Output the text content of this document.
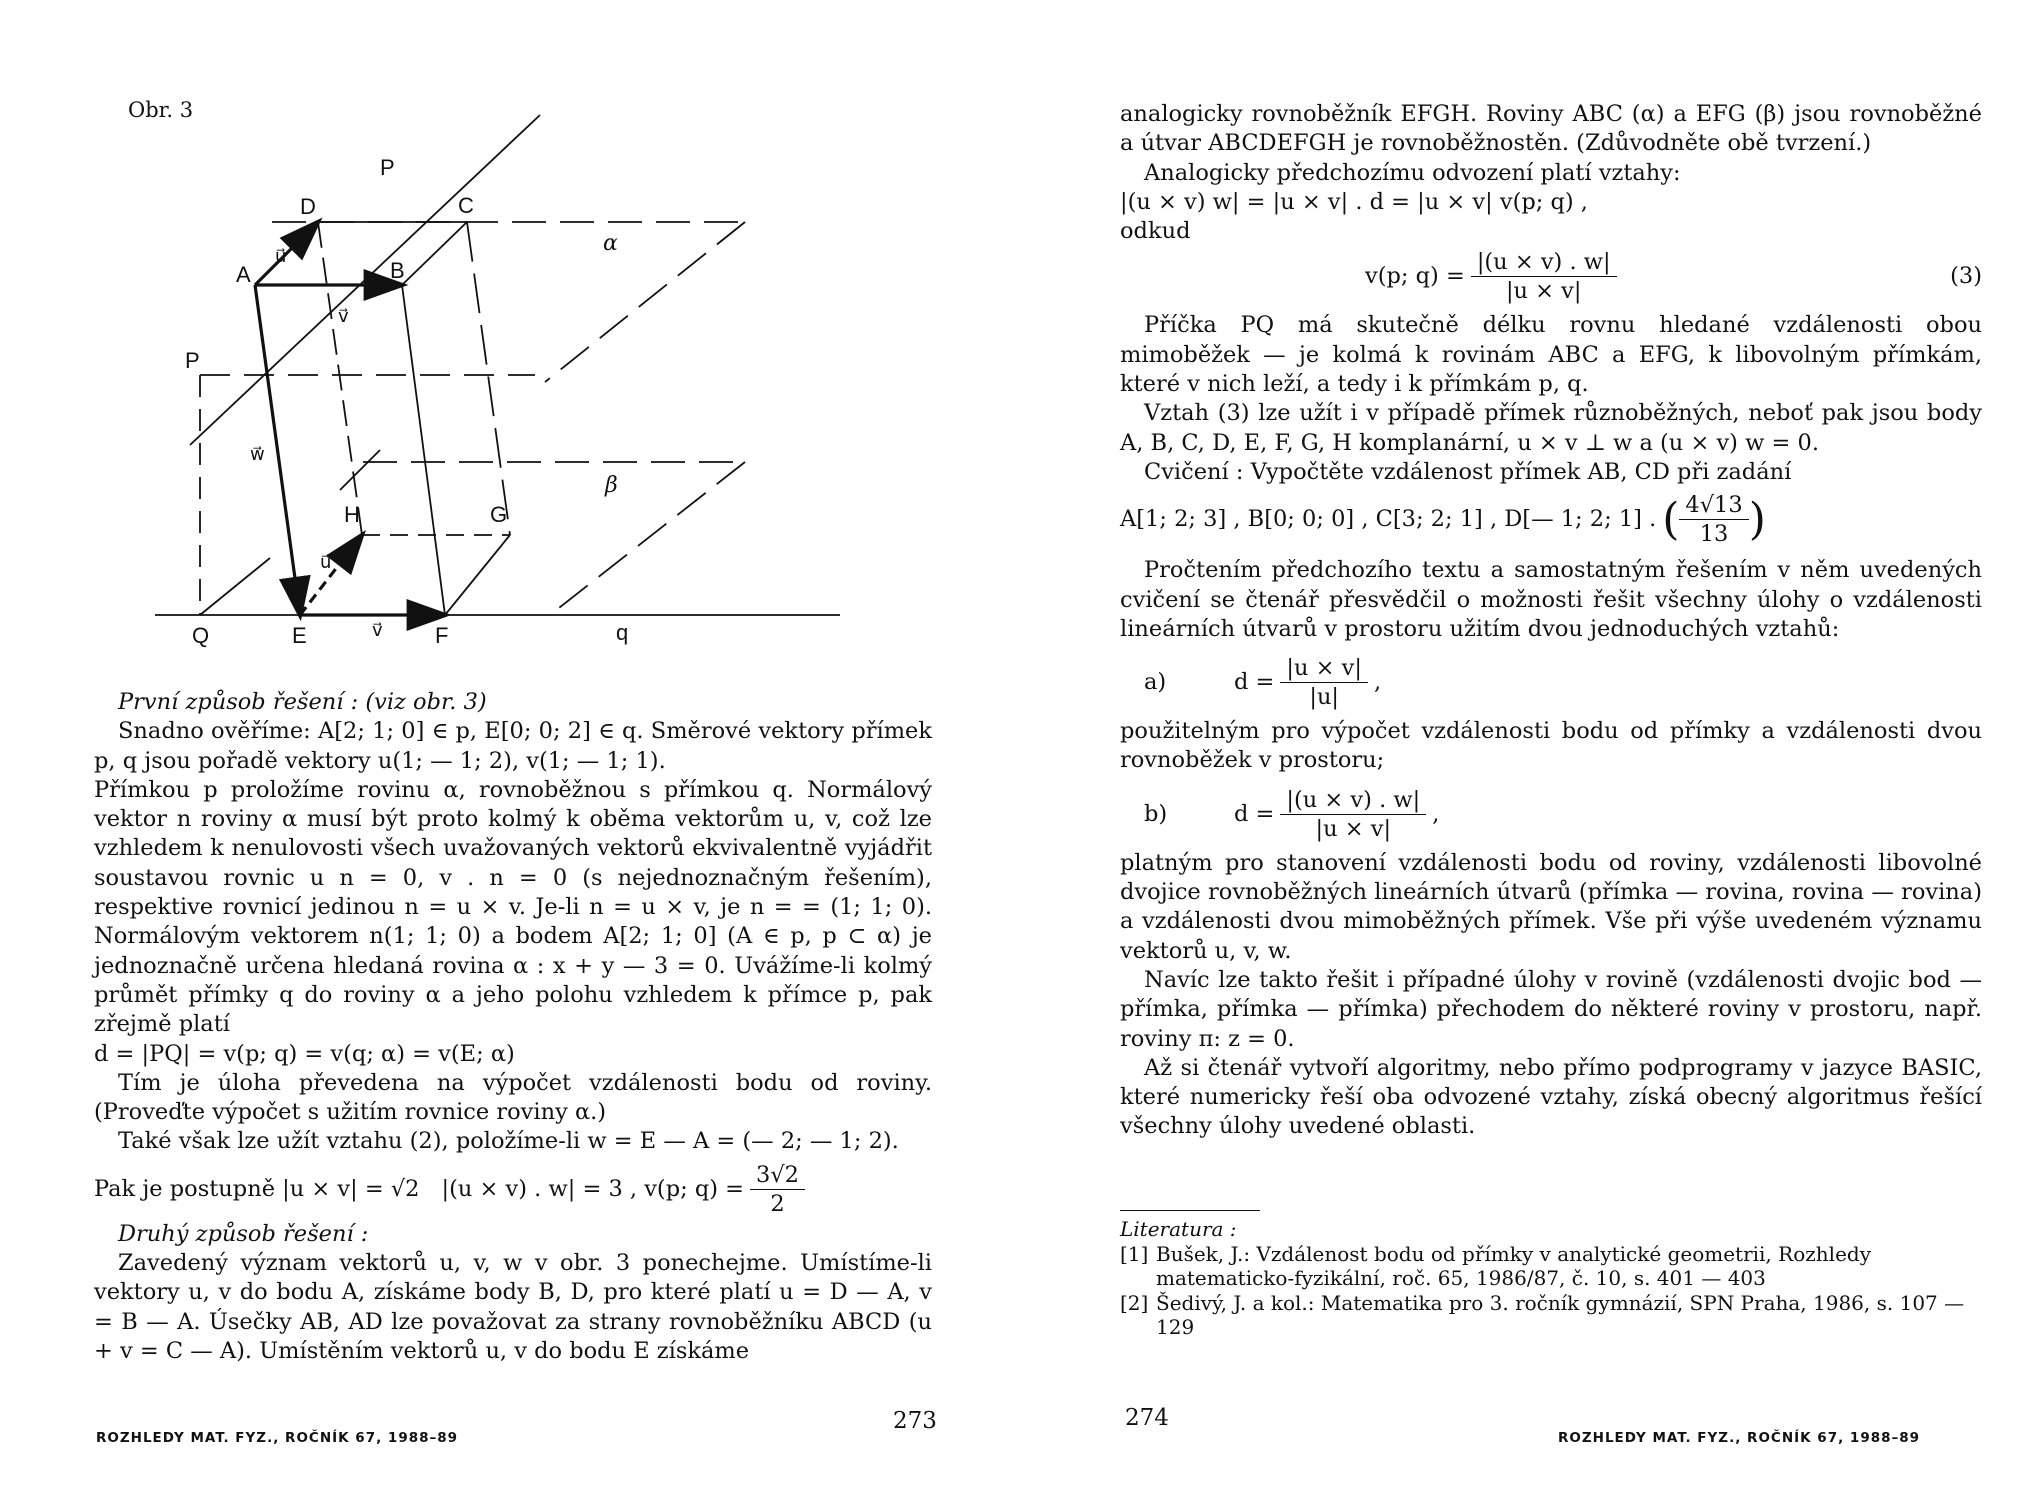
Obr. 3
P
D	C
α
A	B
P
β
H	G
Q	E	F	q
u⃗
v⃗
w⃗
u⃗
v⃗

První způsob řešení : (viz obr. 3)

Snadno ověříme: A[2; 1; 0] ∈ p, E[0; 0; 2] ∈ q. Směrové vektory přímek p, q jsou pořadě vektory u(1; — 1; 2), v(1; — 1; 1).

Přímkou p proložíme rovinu α, rovnoběžnou s přímkou q. Normálový vektor n roviny α musí být proto kolmý k oběma vektorům u, v, což lze vzhledem k nenulovosti všech uvažovaných vektorů ekvivalentně vyjádřit soustavou rovnic u n = 0, v . n = 0 (s nejednoznačným řešením), respektive rovnicí jedinou n = u × v. Je-li n = u × v, je n = = (1; 1; 0). Normálovým vektorem n(1; 1; 0) a bodem A[2; 1; 0] (A ∈ p, p ⊂ α) je jednoznačně určena hledaná rovina α : x + y — 3 = 0. Uvážíme-li kolmý průmět přímky q do roviny α a jeho polohu vzhledem k přímce p, pak zřejmě platí

d = |PQ| = v(p; q) = v(q; α) = v(E; α)

Tím je úloha převedena na výpočet vzdálenosti bodu od roviny. (Proveďte výpočet s užitím rovnice roviny α.)

Také však lze užít vztahu (2), položíme-li w = E — A = (— 2; — 1; 2).

Pak je postupně |u × v| = √2 |(u × v) . w| = 3 , v(p; $q) = \frac{3√2}{2}$

Druhý způsob řešení :

Zavedený význam vektorů u, v, w v obr. 3 ponechejme. Umístíme-li vektory u, v do bodu A, získáme body B, D, pro které platí u = D — A, v = B — A. Úsečky AB, AD lze považovat za strany rovnoběžníku ABCD (u + v = C — A). Umístěním vektorů u, v do bodu E získáme

ROZHLEDY MAT. FYZ., ROČNÍK 67, 1988–89
273

analogicky rovnoběžník EFGH. Roviny ABC (α) a EFG (β) jsou rovnoběžné a útvar ABCDEFGH je rovnoběžnostěn. (Zdůvodněte obě tvrzení.)

Analogicky předchozímu odvození platí vztahy:

|(u × v) w| = |u × v| . d = |u × v| v(p; q) ,

odkud

v(p; $q) = \frac{|(u \times v) . w|}{|u \times v|}$	(3)

Příčka PQ má skutečně délku rovnu hledané vzdálenosti obou mimoběžek — je kolmá k rovinám ABC a EFG, k libovolným přímkám, které v nich leží, a tedy i k přímkám p, q.

Vztah (3) lze užít i v případě přímek různoběžných, neboť pak jsou body A, B, C, D, E, F, G, H komplanární, u × v ⊥ w a (u × v) w = 0.

Cvičení : Vypočtěte vzdálenost přímek AB, CD při zadání

A[1; 2; 3] , B[0; 0; 0] , C[3; 2; 1] , D[— 1; 2; 1] . ( $\frac{4√13}{13}$ )

Pročtením předchozího textu a samostatným řešením v něm uvedených cvičení se čtenář přesvědčil o možnosti řešit všechny úlohy o vzdálenosti lineárních útvarů v prostoru užitím dvou jednoduchých vztahů:

a)	$d = \frac{|u \times v|}{|u|}$ ,

použitelným pro výpočet vzdálenosti bodu od přímky a vzdálenosti dvou rovnoběžek v prostoru;

b)	$d = \frac{|(u \times v) . w|}{|u \times v|}$ ,

platným pro stanovení vzdálenosti bodu od roviny, vzdálenosti libovolné dvojice rovnoběžných lineárních útvarů (přímka — rovina, rovina — rovina) a vzdálenosti dvou mimoběžných přímek. Vše při výše uvedeném významu vektorů u, v, w.

Navíc lze takto řešit i případné úlohy v rovině (vzdálenosti dvojic bod — přímka, přímka — přímka) přechodem do některé roviny v prostoru, např. roviny π: z = 0.

Až si čtenář vytvoří algoritmy, nebo přímo podprogramy v jazyce BASIC, které numericky řeší oba odvozené vztahy, získá obecný algoritmus řešící všechny úlohy uvedené oblasti.

Literatura :
[1] Bušek, J.: Vzdálenost bodu od přímky v analytické geometrii, Rozhledy matematicko-fyzikální, roč. 65, 1986/87, č. 10, s. 401 — 403
[2] Šedivý, J. a kol.: Matematika pro 3. ročník gymnázií, SPN Praha, 1986, s. 107 — 129
274
ROZHLEDY MAT. FYZ., ROČNÍK 67, 1988–89
